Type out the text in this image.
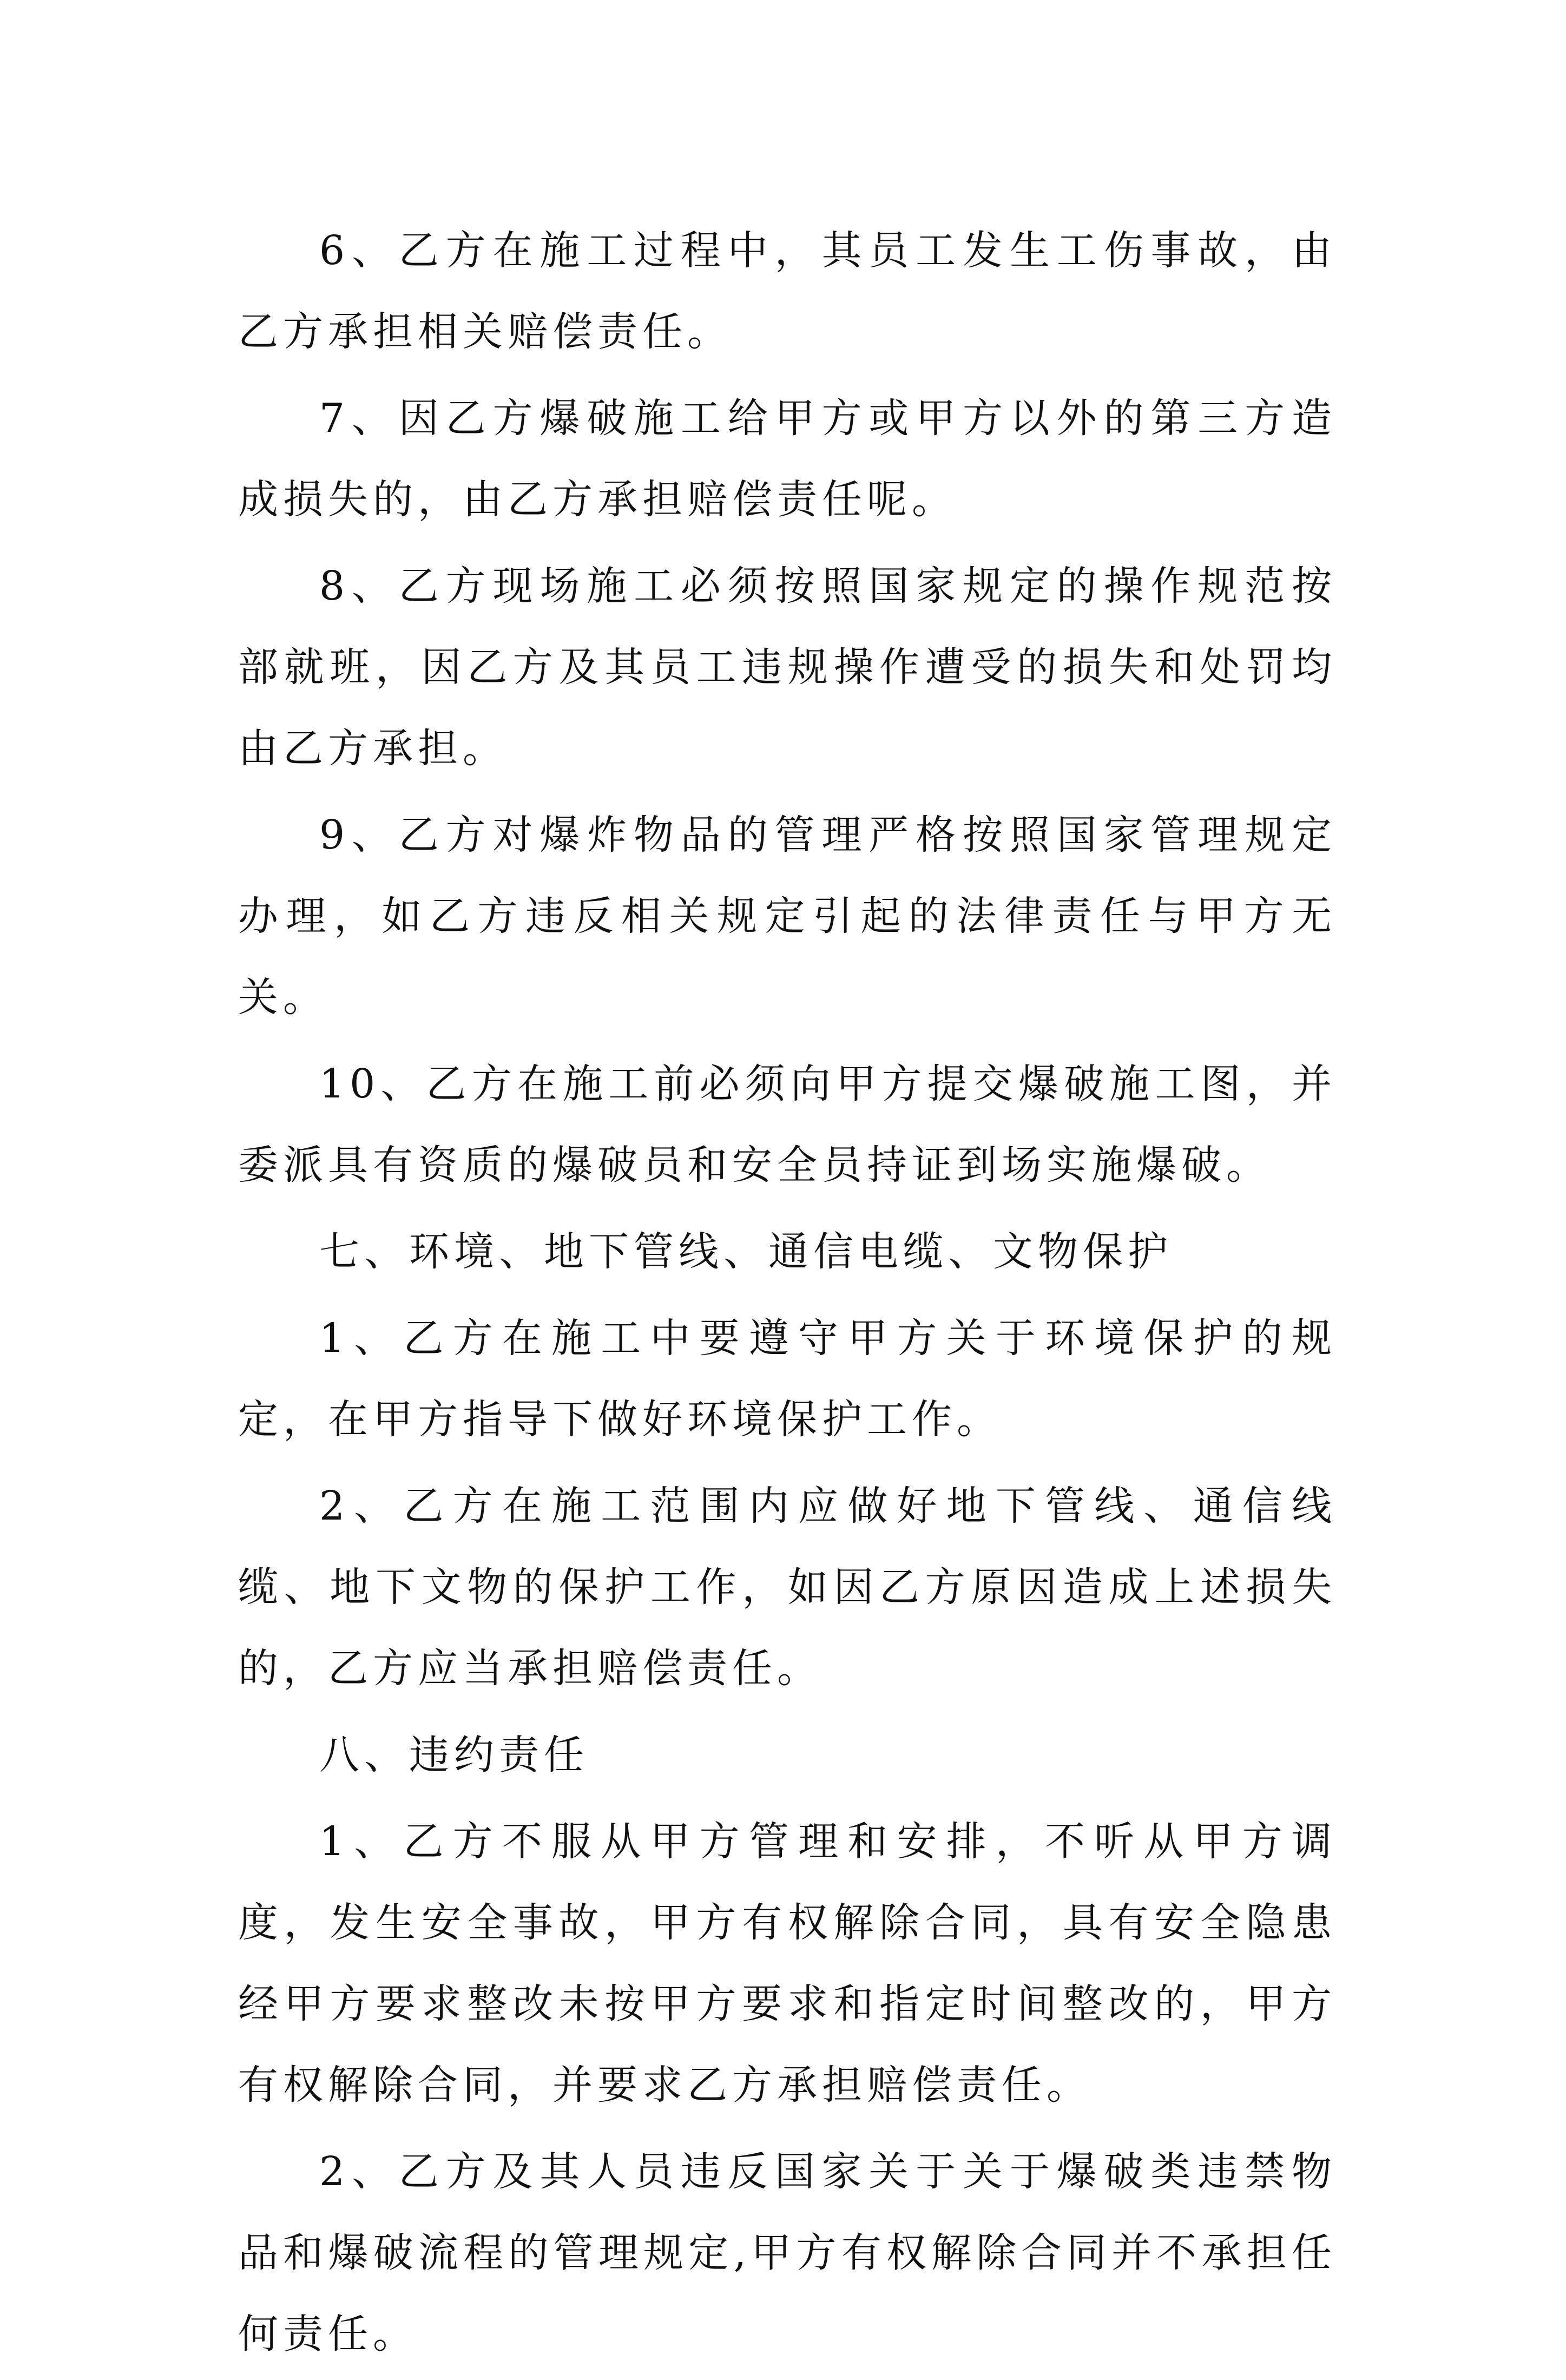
6、乙方在施工过程中，其员工发生工伤事故，由乙方承担相关赔偿责任。

7、因乙方爆破施工给甲方或甲方以外的第三方造成损失的，由乙方承担赔偿责任呢。

8、乙方现场施工必须按照国家规定的操作规范按部就班，因乙方及其员工违规操作遭受的损失和处罚均由乙方承担。

9、乙方对爆炸物品的管理严格按照国家管理规定办理，如乙方违反相关规定引起的法律责任与甲方无关。

10、乙方在施工前必须向甲方提交爆破施工图，并委派具有资质的爆破员和安全员持证到场实施爆破。

七、环境、地下管线、通信电缆、文物保护

1、乙方在施工中要遵守甲方关于环境保护的规定，在甲方指导下做好环境保护工作。

2、乙方在施工范围内应做好地下管线、通信线缆、地下文物的保护工作，如因乙方原因造成上述损失的，乙方应当承担赔偿责任。

八、违约责任

1、乙方不服从甲方管理和安排，不听从甲方调度，发生安全事故，甲方有权解除合同，具有安全隐患经甲方要求整改未按甲方要求和指定时间整改的，甲方有权解除合同，并要求乙方承担赔偿责任。

2、乙方及其人员违反国家关于关于爆破类违禁物品和爆破流程的管理规定,甲方有权解除合同并不承担任何责任。
